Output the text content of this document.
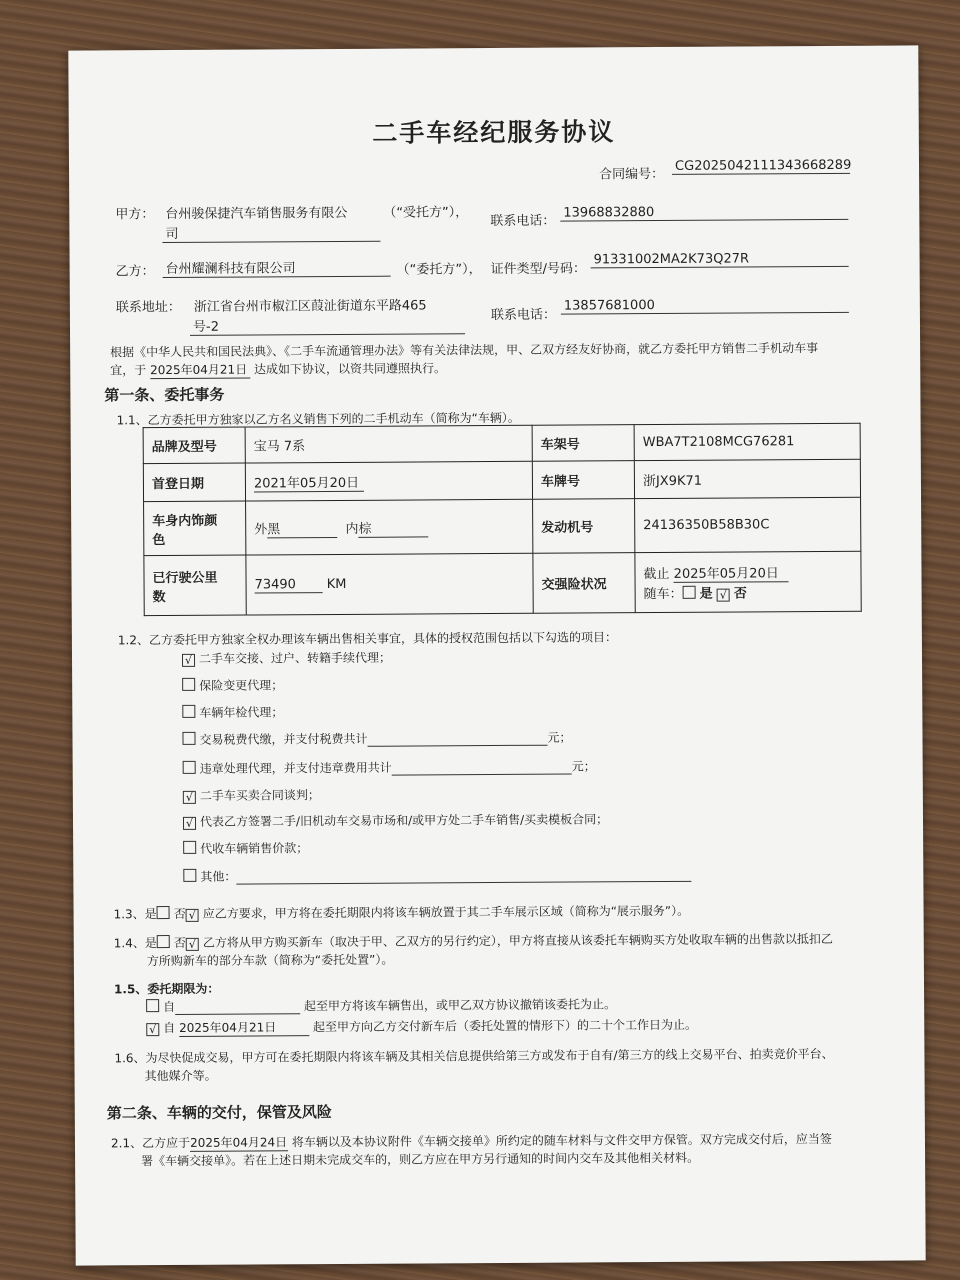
二手车经纪服务协议
合同编号：
CG2025042111343668289
甲方： 台州骏保捷汽车销售服务有限公
司
（“受托方”），
联系电话：
13968832880
乙方： 台州耀澜科技有限公司	（“委托方”）， 证件类型/号码：
91331002MA2K73Q27R
联系地址： 浙江省台州市椒江区葭沚街道东平路465
号-2
联系电话：
13857681000
根据《中华人民共和国民法典》、《二手车流通管理办法》等有关法律法规，甲、乙双方经友好协商，就乙方委托甲方销售二手机动车事
宜，于 2025年04月21日 达成如下协议，以资共同遵照执行。
第一条、委托事务
1.1、乙方委托甲方独家以乙方名义销售下列的二手机动车（简称为“车辆）。
品牌及型号	宝马 7系	车架号	WBA7T2108MCG76281
首登日期	2021年05月20日	车牌号	浙JX9K71
车身内饰颜
色	外黑 内棕	发动机号	24136350B58B30C
已行驶公里
数	73490 KM	交强险状况	截止 2025年05月20日
随车： 是 √ 否
1.2、乙方委托甲方独家全权办理该车辆出售相关事宜，具体的授权范围包括以下勾选的项目：
√ 二手车交接、过户、转籍手续代理；
保险变更代理；
车辆年检代理；
交易税费代缴，并支付税费共计	元；
违章处理代理，并支付违章费用共计	元；
√ 二手车买卖合同谈判；
√ 代表乙方签署二手/旧机动车交易市场和/或甲方处二手车销售/买卖模板合同；
代收车辆销售价款；
其他：
1.3、是 否 √ 应乙方要求，甲方将在委托期限内将该车辆放置于其二手车展示区域（简称为“展示服务”）。
1.4、是 否 √ 乙方将从甲方购买新车（取决于甲、乙双方的另行约定），甲方将直接从该委托车辆购买方处收取车辆的出售款以抵扣乙
方所购新车的部分车款（简称为“委托处置”）。
1.5、委托期限为：
自	起至甲方将该车辆售出，或甲乙双方协议撤销该委托为止。
√ 自 2025年04月21日	起至甲方向乙方交付新车后（委托处置的情形下）的二十个工作日为止。
1.6、为尽快促成交易，甲方可在委托期限内将该车辆及其相关信息提供给第三方或发布于自有/第三方的线上交易平台、拍卖竞价平台、
其他媒介等。
第二条、车辆的交付，保管及风险
2.1、乙方应于2025年04月24日 将车辆以及本协议附件《车辆交接单》所约定的随车材料与文件交甲方保管。双方完成交付后，应当签
署《车辆交接单》。若在上述日期未完成交车的，则乙方应在甲方另行通知的时间内交车及其他相关材料。
